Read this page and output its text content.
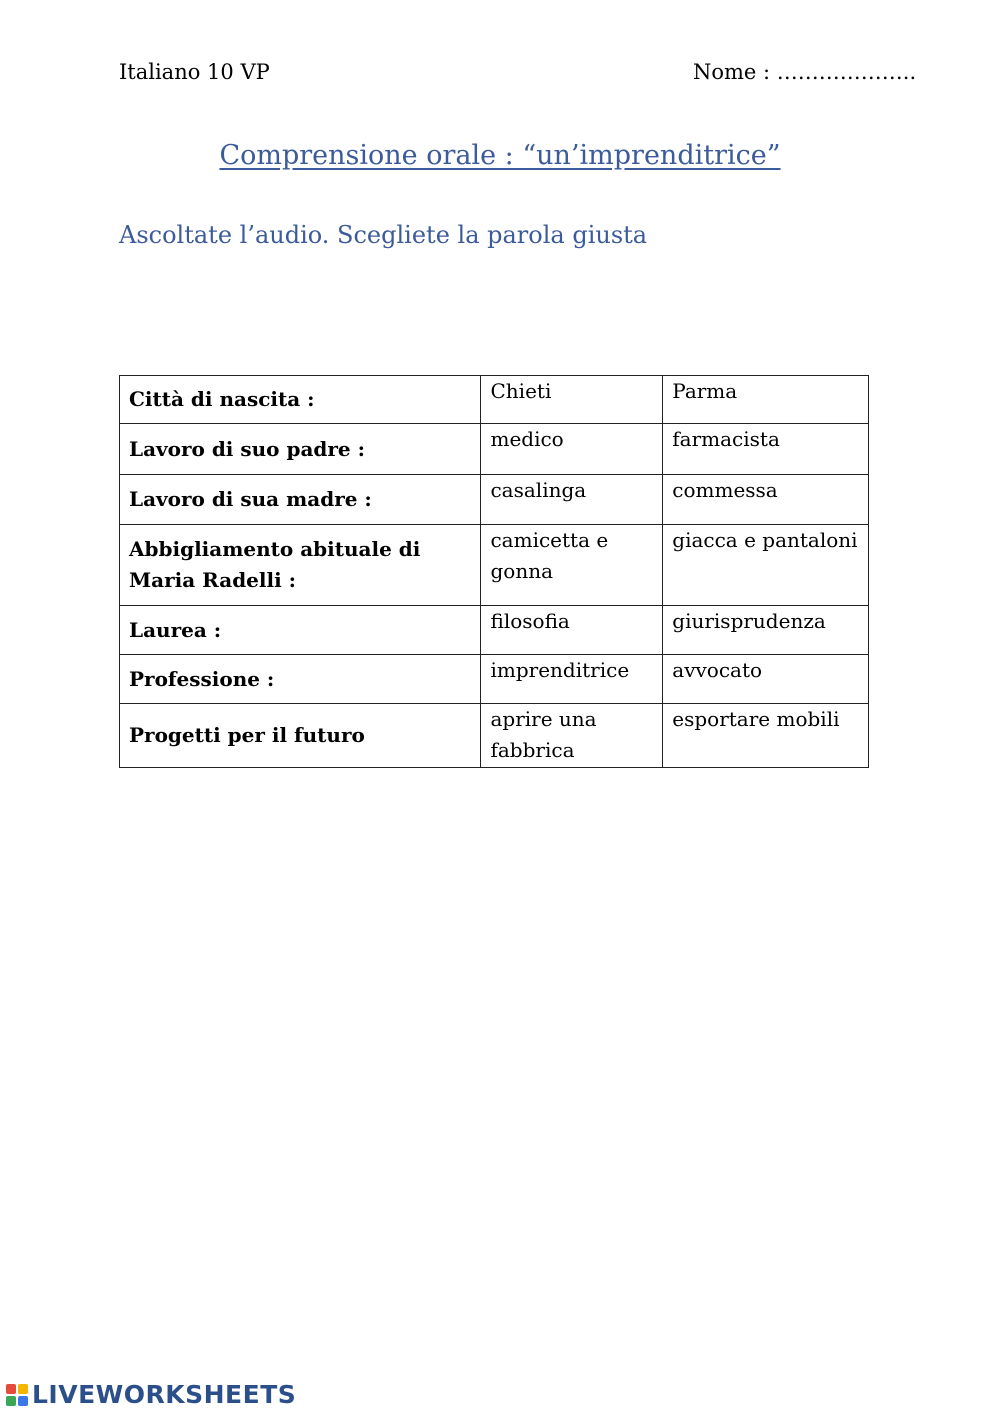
Italiano 10 VP	Nome : ………………..
Comprensione orale : “un’imprenditrice”
Ascoltate l’audio. Scegliete la parola giusta
Città di nascita :	Chieti	Parma
Lavoro di suo padre :	medico	farmacista
Lavoro di sua madre :	casalinga	commessa
Abbigliamento abituale di Maria Radelli :	camicetta e gonna	giacca e pantaloni
Laurea :	filosofia	giurisprudenza
Professione :	imprenditrice	avvocato
Progetti per il futuro	aprire una fabbrica	esportare mobili
LIVEWORKSHEETS
